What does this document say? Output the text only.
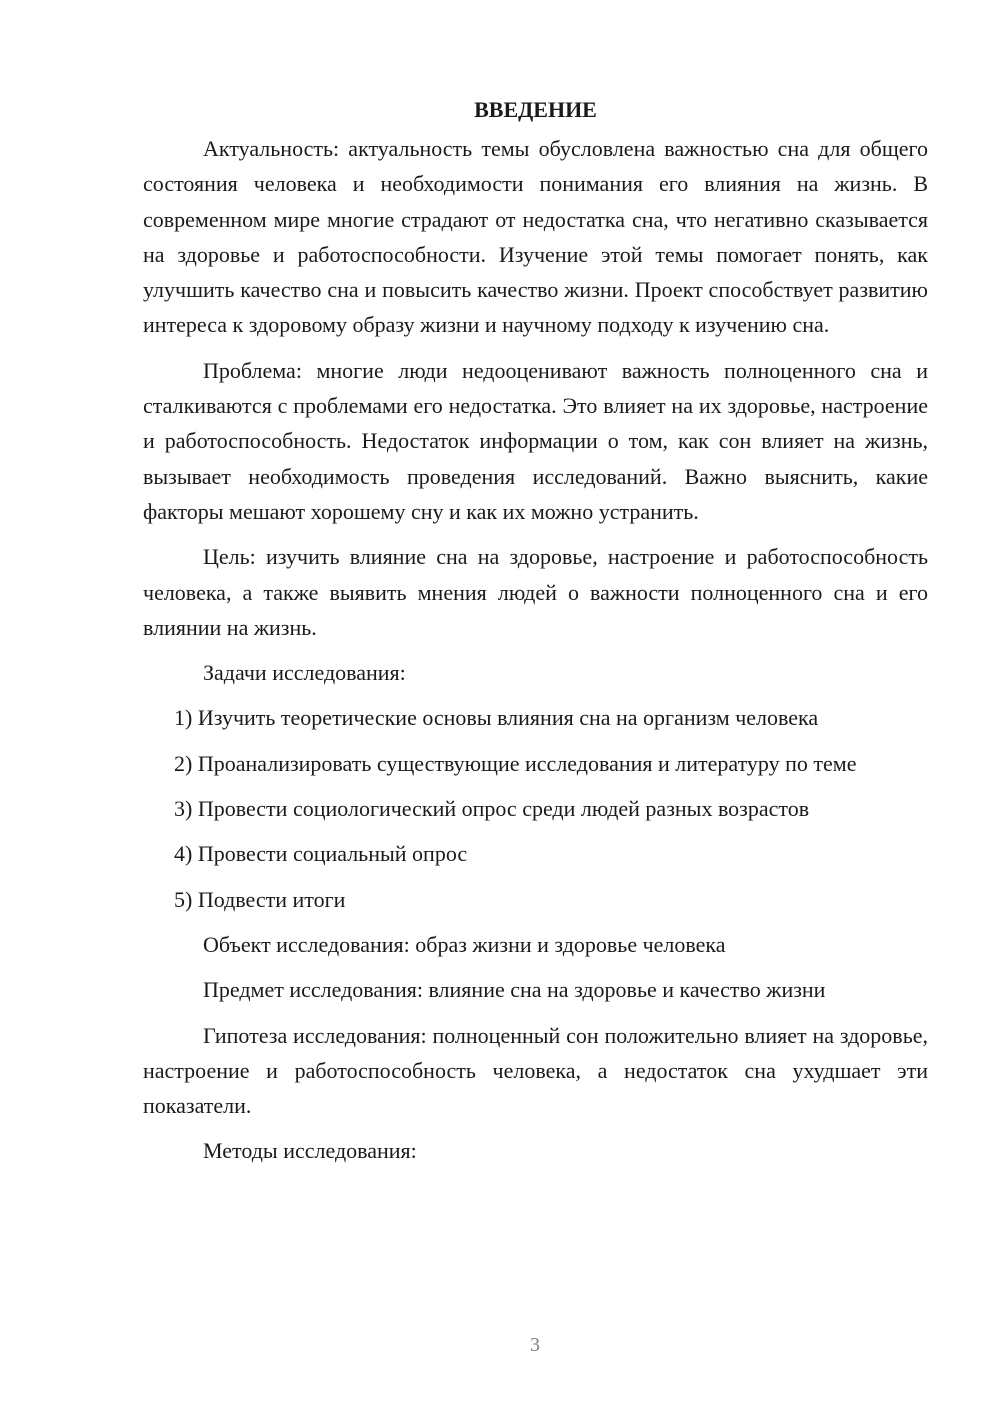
ВВЕДЕНИЕ

Актуальность: актуальность темы обусловлена важностью сна для общего состояния человека и необходимости понимания его влияния на жизнь. В современном мире многие страдают от недостатка сна, что негативно сказывается на здоровье и работоспособности. Изучение этой темы помогает понять, как улучшить качество сна и повысить качество жизни. Проект способствует развитию интереса к здоровому образу жизни и научному подходу к изучению сна.

Проблема: многие люди недооценивают важность полноценного сна и сталкиваются с проблемами его недостатка. Это влияет на их здоровье, настроение и работоспособность. Недостаток информации о том, как сон влияет на жизнь, вызывает необходимость проведения исследований. Важно выяснить, какие факторы мешают хорошему сну и как их можно устранить.

Цель: изучить влияние сна на здоровье, настроение и работоспособность человека, а также выявить мнения людей о важности полноценного сна и его влиянии на жизнь.

Задачи исследования:

1) Изучить теоретические основы влияния сна на организм человека

2) Проанализировать существующие исследования и литературу по теме

3) Провести социологический опрос среди людей разных возрастов

4) Провести социальный опрос

5) Подвести итоги

Объект исследования: образ жизни и здоровье человека

Предмет исследования: влияние сна на здоровье и качество жизни

Гипотеза исследования: полноценный сон положительно влияет на здоровье, настроение и работоспособность человека, а недостаток сна ухудшает эти показатели.

Методы исследования:

3
